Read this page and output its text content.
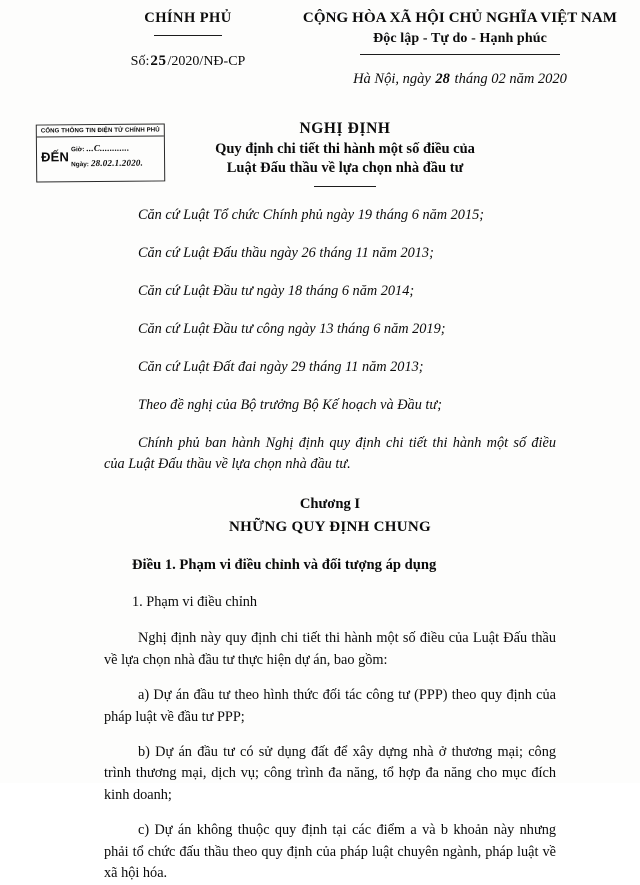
CHÍNH PHỦ
Số:25/2020/NĐ-CP
CỘNG HÒA XÃ HỘI CHỦ NGHĨA VIỆT NAM
Độc lập - Tự do - Hạnh phúc
Hà Nội, ngày 28 tháng 02 năm 2020
CỔNG THÔNG TIN ĐIỆN TỬ CHÍNH PHỦ
ĐẾN Giờ: ...C............
Ngày: 28.02.1.2020.
NGHỊ ĐỊNH
Quy định chi tiết thi hành một số điều của
Luật Đấu thầu về lựa chọn nhà đầu tư

Căn cứ Luật Tổ chức Chính phủ ngày 19 tháng 6 năm 2015;

Căn cứ Luật Đấu thầu ngày 26 tháng 11 năm 2013;

Căn cứ Luật Đầu tư ngày 18 tháng 6 năm 2014;

Căn cứ Luật Đầu tư công ngày 13 tháng 6 năm 2019;

Căn cứ Luật Đất đai ngày 29 tháng 11 năm 2013;

Theo đề nghị của Bộ trưởng Bộ Kế hoạch và Đầu tư;

Chính phủ ban hành Nghị định quy định chi tiết thi hành một số điều của Luật Đấu thầu về lựa chọn nhà đầu tư.

Chương I
NHỮNG QUY ĐỊNH CHUNG

Điều 1. Phạm vi điều chỉnh và đối tượng áp dụng

1. Phạm vi điều chỉnh

Nghị định này quy định chi tiết thi hành một số điều của Luật Đấu thầu về lựa chọn nhà đầu tư thực hiện dự án, bao gồm:

a) Dự án đầu tư theo hình thức đối tác công tư (PPP) theo quy định của pháp luật về đầu tư PPP;

b) Dự án đầu tư có sử dụng đất để xây dựng nhà ở thương mại; công trình thương mại, dịch vụ; công trình đa năng, tổ hợp đa năng cho mục đích kinh doanh;

c) Dự án không thuộc quy định tại các điểm a và b khoản này nhưng phải tổ chức đấu thầu theo quy định của pháp luật chuyên ngành, pháp luật về xã hội hóa.
